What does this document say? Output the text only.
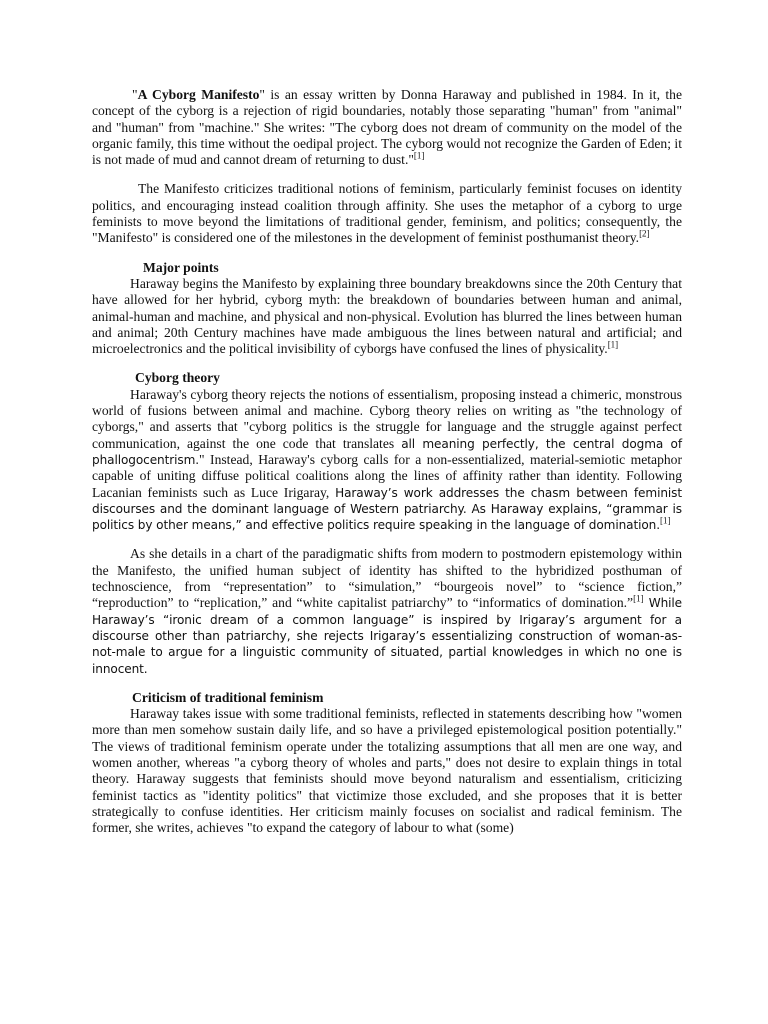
"A Cyborg Manifesto" is an essay written by Donna Haraway and published in 1984. In it, the concept of the cyborg is a rejection of rigid boundaries, notably those separating "human" from "animal" and "human" from "machine." She writes: "The cyborg does not dream of community on the model of the organic family, this time without the oedipal project. The cyborg would not recognize the Garden of Eden; it is not made of mud and cannot dream of returning to dust."[1]

The Manifesto criticizes traditional notions of feminism, particularly feminist focuses on identity politics, and encouraging instead coalition through affinity. She uses the metaphor of a cyborg to urge feminists to move beyond the limitations of traditional gender, feminism, and politics; consequently, the "Manifesto" is considered one of the milestones in the development of feminist posthumanist theory.[2]

Major points

Haraway begins the Manifesto by explaining three boundary breakdowns since the 20th Century that have allowed for her hybrid, cyborg myth: the breakdown of boundaries between human and animal, animal-human and machine, and physical and non-physical. Evolution has blurred the lines between human and animal; 20th Century machines have made ambiguous the lines between natural and artificial; and microelectronics and the political invisibility of cyborgs have confused the lines of physicality.[1]

Cyborg theory

Haraway's cyborg theory rejects the notions of essentialism, proposing instead a chimeric, monstrous world of fusions between animal and machine. Cyborg theory relies on writing as "the technology of cyborgs," and asserts that "cyborg politics is the struggle for language and the struggle against perfect communication, against the one code that translates all meaning perfectly, the central dogma of phallogocentrism." Instead, Haraway's cyborg calls for a non-essentialized, material-semiotic metaphor capable of uniting diffuse political coalitions along the lines of affinity rather than identity. Following Lacanian feminists such as Luce Irigaray, Haraway’s work addresses the chasm between feminist discourses and the dominant language of Western patriarchy. As Haraway explains, “grammar is politics by other means,” and effective politics require speaking in the language of domination.[1]

As she details in a chart of the paradigmatic shifts from modern to postmodern epistemology within the Manifesto, the unified human subject of identity has shifted to the hybridized posthuman of technoscience, from “representation” to “simulation,” “bourgeois novel” to “science fiction,” “reproduction” to “replication,” and “white capitalist patriarchy” to “informatics of domination.”[1] While Haraway’s “ironic dream of a common language” is inspired by Irigaray’s argument for a discourse other than patriarchy, she rejects Irigaray’s essentializing construction of woman-as-not-male to argue for a linguistic community of situated, partial knowledges in which no one is innocent.

Criticism of traditional feminism

Haraway takes issue with some traditional feminists, reflected in statements describing how "women more than men somehow sustain daily life, and so have a privileged epistemological position potentially." The views of traditional feminism operate under the totalizing assumptions that all men are one way, and women another, whereas "a cyborg theory of wholes and parts," does not desire to explain things in total theory. Haraway suggests that feminists should move beyond naturalism and essentialism, criticizing feminist tactics as "identity politics" that victimize those excluded, and she proposes that it is better strategically to confuse identities. Her criticism mainly focuses on socialist and radical feminism. The former, she writes, achieves "to expand the category of labour to what (some)
